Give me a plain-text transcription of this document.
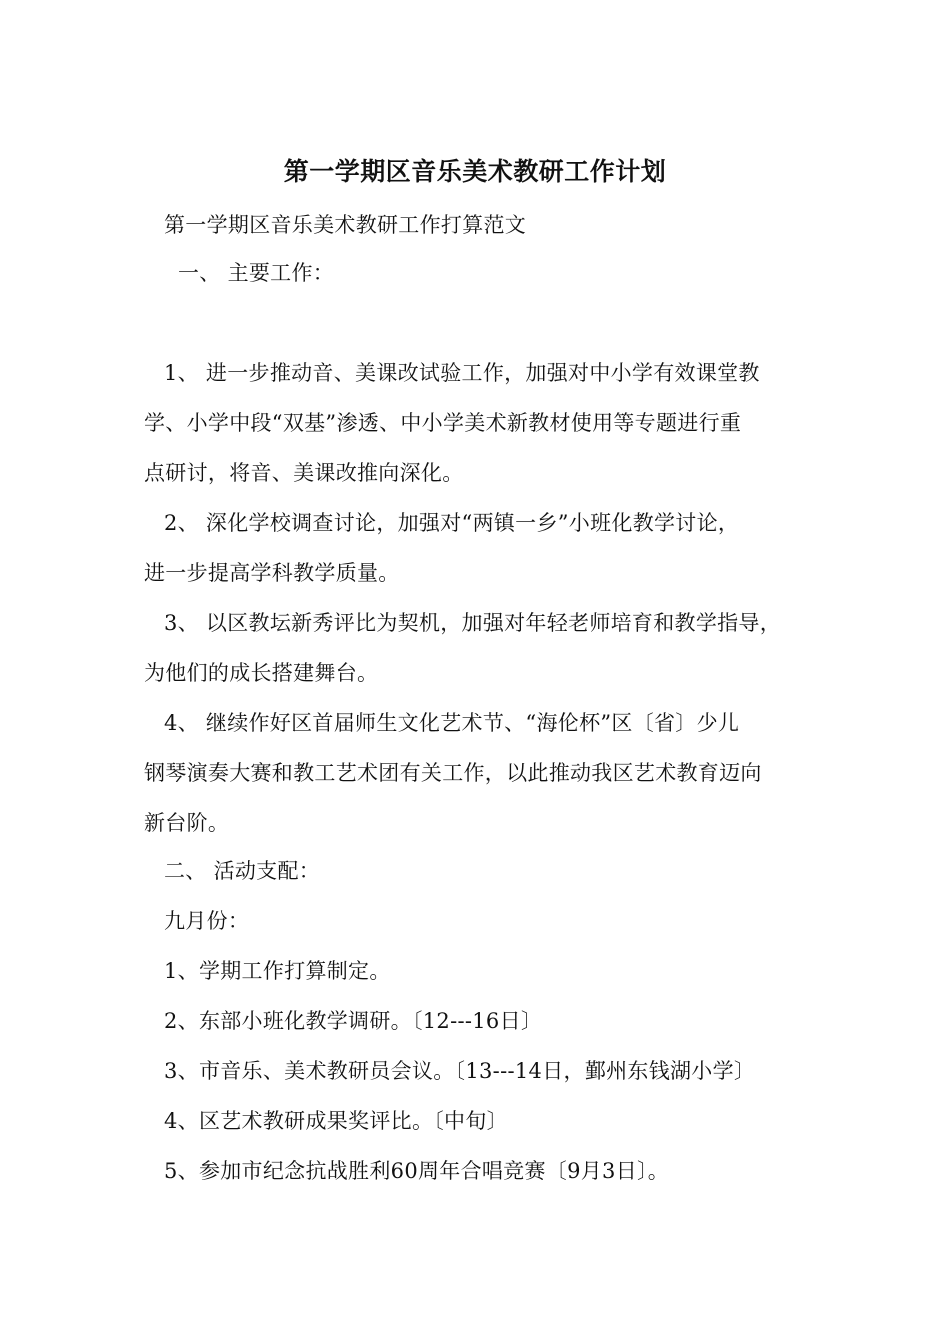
第一学期区音乐美术教研工作计划
第一学期区音乐美术教研工作打算范文
一、 主要工作：
1、 进一步推动音、美课改试验工作，加强对中小学有效课堂教
学、小学中段“双基”渗透、中小学美术新教材使用等专题进行重
点研讨，将音、美课改推向深化。
2、 深化学校调查讨论，加强对“两镇一乡”小班化教学讨论，
进一步提高学科教学质量。
3、 以区教坛新秀评比为契机，加强对年轻老师培育和教学指导，
为他们的成长搭建舞台。
4、 继续作好区首届师生文化艺术节、“海伦杯”区〔省〕少儿
钢琴演奏大赛和教工艺术团有关工作，以此推动我区艺术教育迈向
新台阶。
二、 活动支配：
九月份：
1、学期工作打算制定。
2、东部小班化教学调研。〔12---16日〕
3、市音乐、美术教研员会议。〔13---14日，鄞州东钱湖小学〕
4、区艺术教研成果奖评比。〔中旬〕
5、参加市纪念抗战胜利60周年合唱竞赛〔9月3日〕。
